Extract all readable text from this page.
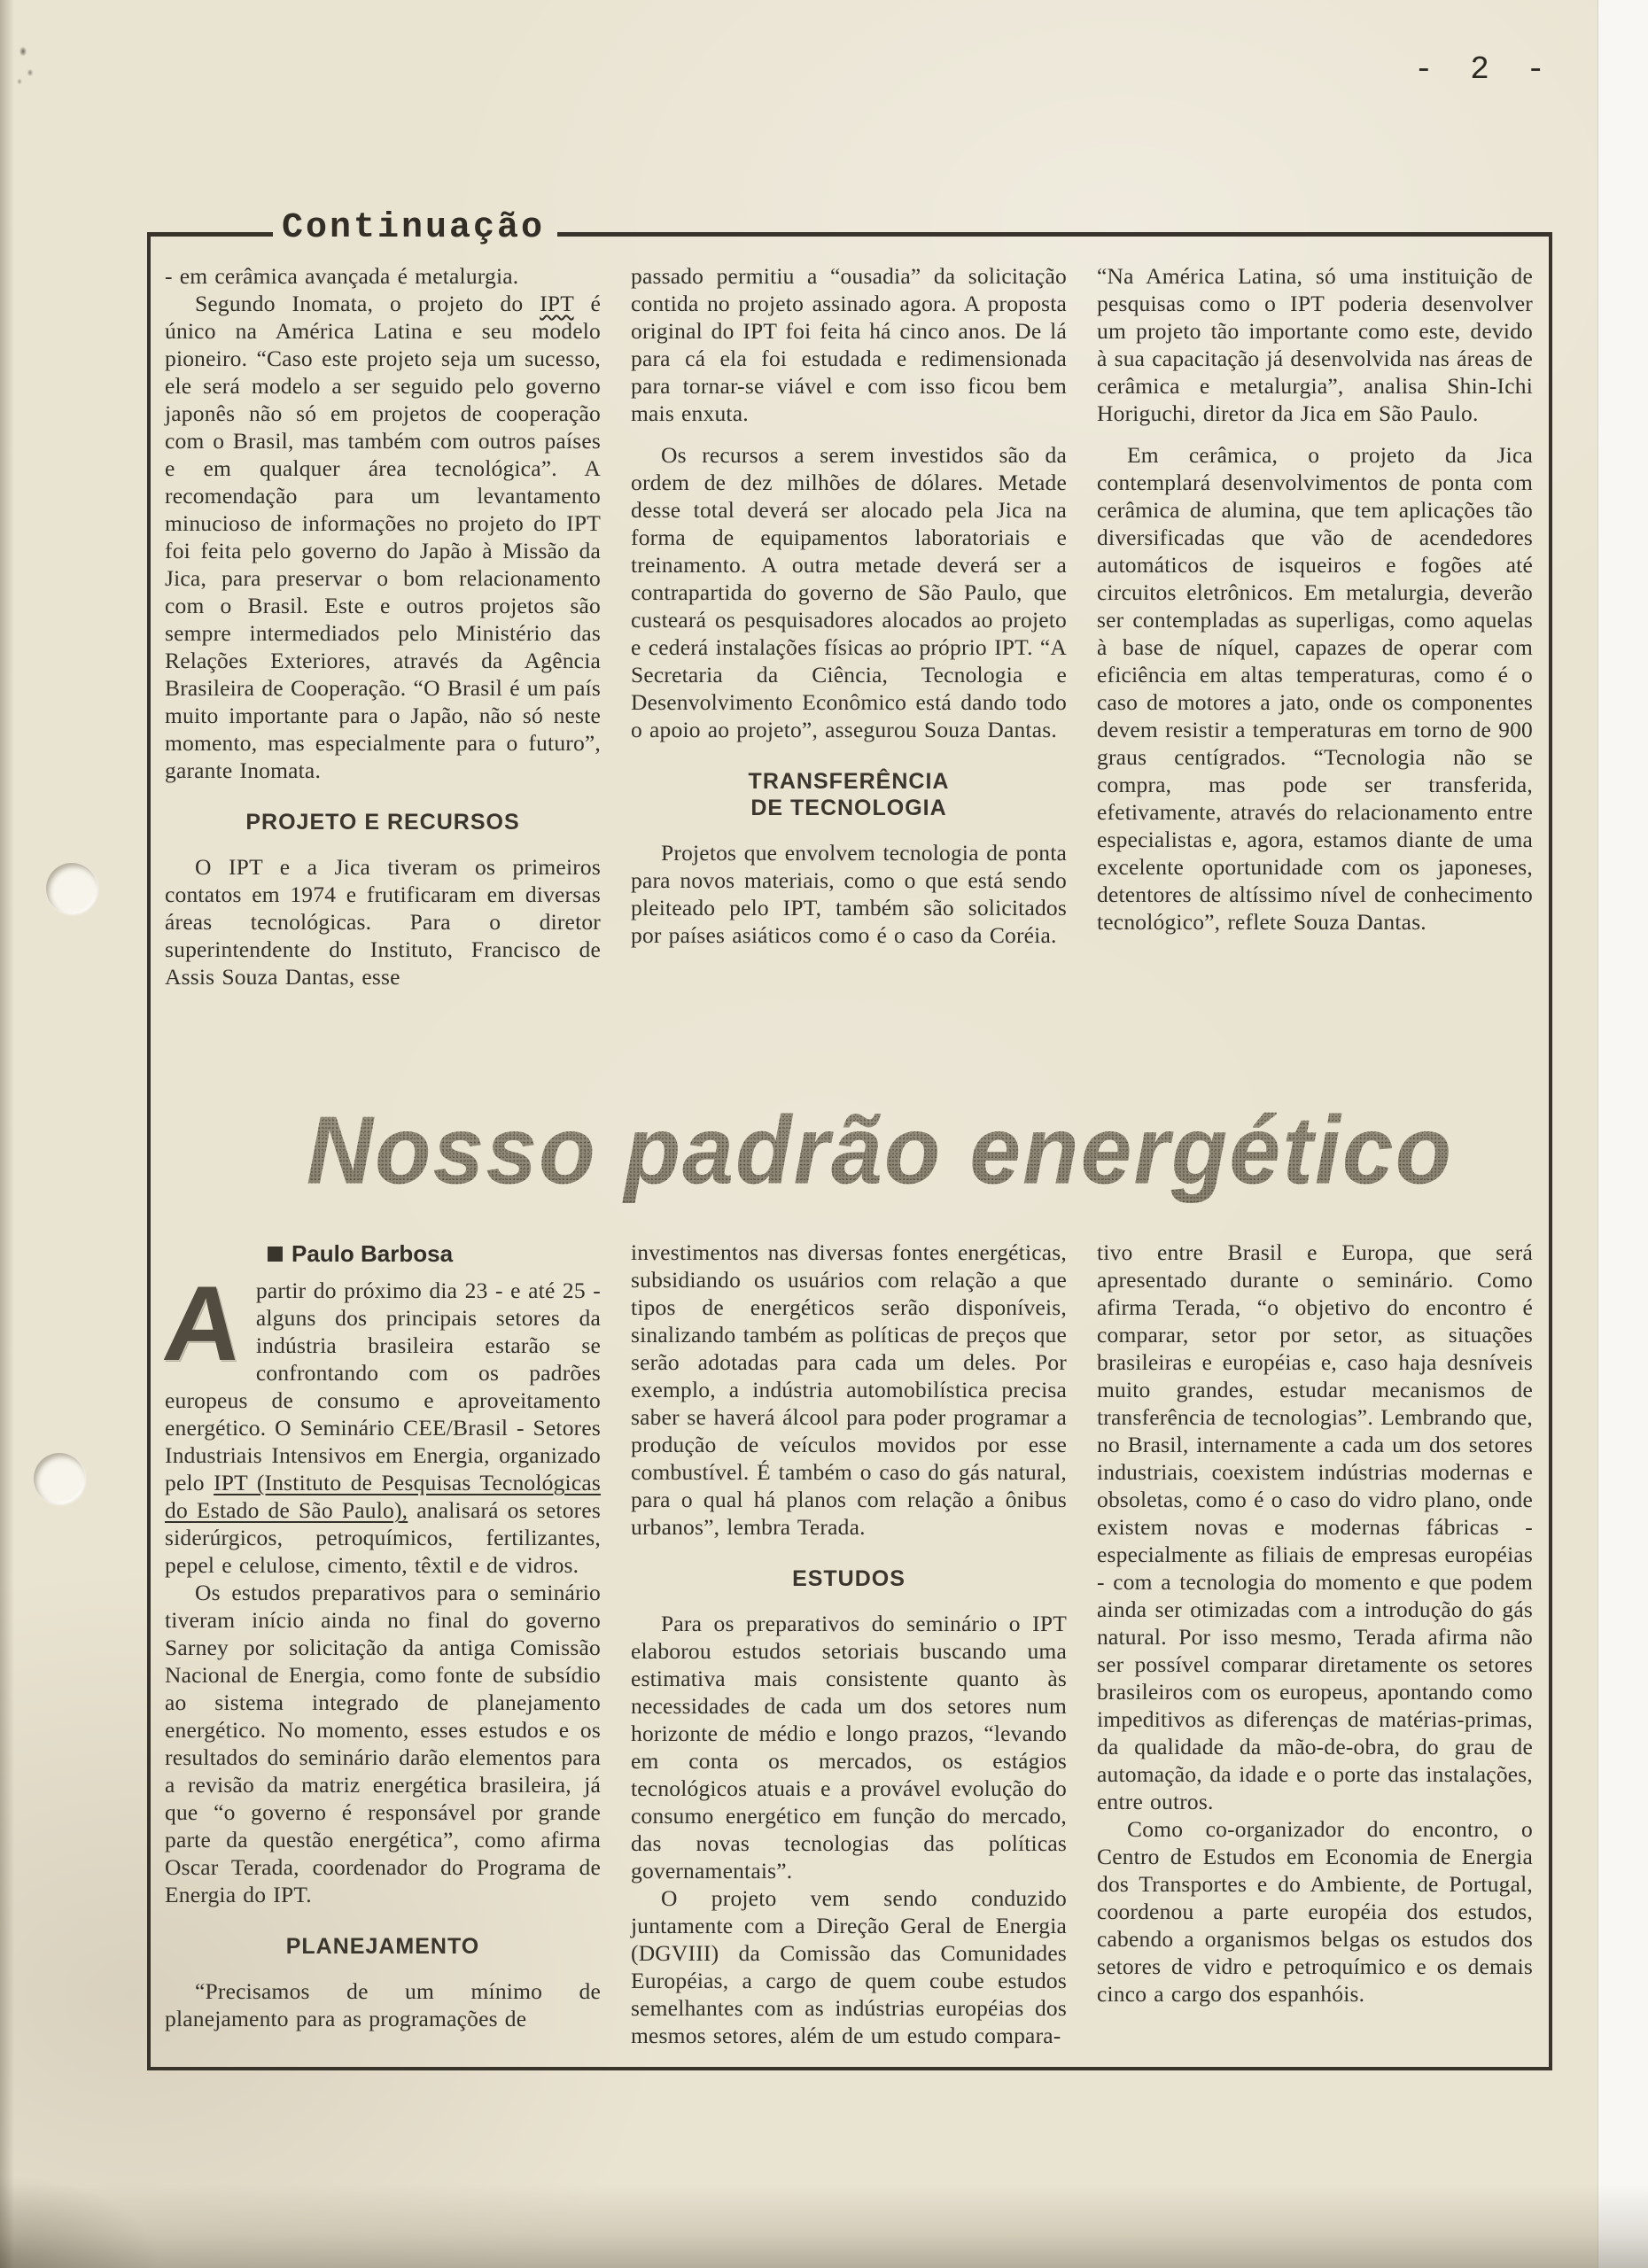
- 2 -
Continuação

- em cerâmica avançada é metalurgia.

Segundo Inomata, o projeto do IPT é único na América Latina e seu modelo pioneiro. “Caso este projeto seja um sucesso, ele será modelo a ser seguido pelo governo japonês não só em projetos de cooperação com o Brasil, mas também com outros países e em qualquer área tecnológica”. A recomendação para um levantamento minucioso de informações no projeto do IPT foi feita pelo governo do Japão à Missão da Jica, para preservar o bom relacionamento com o Brasil. Este e outros projetos são sempre intermediados pelo Ministério das Relações Exteriores, através da Agência Brasileira de Cooperação. “O Brasil é um país muito importante para o Japão, não só neste momento, mas especialmente para o futuro”, garante Inomata.

PROJETO E RECURSOS

O IPT e a Jica tiveram os primeiros contatos em 1974 e frutificaram em diversas áreas tecnológicas. Para o diretor superintendente do Instituto, Francisco de Assis Souza Dantas, esse

passado permitiu a “ousadia” da solicitação contida no projeto assinado agora. A proposta original do IPT foi feita há cinco anos. De lá para cá ela foi estudada e redimensionada para tornar-se viável e com isso ficou bem mais enxuta.

Os recursos a serem investidos são da ordem de dez milhões de dólares. Metade desse total deverá ser alocado pela Jica na forma de equipamentos laboratoriais e treinamento. A outra metade deverá ser a contrapartida do governo de São Paulo, que custeará os pesquisadores alocados ao projeto e cederá instalações físicas ao próprio IPT. “A Secretaria da Ciência, Tecnologia e Desenvolvimento Econômico está dando todo o apoio ao projeto”, assegurou Souza Dantas.

TRANSFERÊNCIA
DE TECNOLOGIA

Projetos que envolvem tecnologia de ponta para novos materiais, como o que está sendo pleiteado pelo IPT, também são solicitados por países asiáticos como é o caso da Coréia.

“Na América Latina, só uma instituição de pesquisas como o IPT poderia desenvolver um projeto tão importante como este, devido à sua capacitação já desenvolvida nas áreas de cerâmica e metalurgia”, analisa Shin-Ichi Horiguchi, diretor da Jica em São Paulo.

Em cerâmica, o projeto da Jica contemplará desenvolvimentos de ponta com cerâmica de alumina, que tem aplicações tão diversificadas que vão de acendedores automáticos de isqueiros e fogões até circuitos eletrônicos. Em metalurgia, deverão ser contempladas as superligas, como aquelas à base de níquel, capazes de operar com eficiência em altas temperaturas, como é o caso de motores a jato, onde os componentes devem resistir a temperaturas em torno de 900 graus centígrados. “Tecnologia não se compra, mas pode ser transferida, efetivamente, através do relacionamento entre especialistas e, agora, estamos diante de uma excelente oportunidade com os japoneses, detentores de altíssimo nível de conhecimento tecnológico”, reflete Souza Dantas.

Nosso padrão energético
Paulo Barbosa

Apartir do próximo dia 23 - e até 25 - alguns dos principais setores da indústria brasileira estarão se confrontando com os padrões europeus de consumo e aproveitamento energético. O Seminário CEE/Brasil - Setores Industriais Intensivos em Energia, organizado pelo IPT (Instituto de Pesquisas Tecnológicas do Estado de São Paulo), analisará os setores siderúrgicos, petroquímicos, fertilizantes, pepel e celulose, cimento, têxtil e de vidros.

Os estudos preparativos para o seminário tiveram início ainda no final do governo Sarney por solicitação da antiga Comissão Nacional de Energia, como fonte de subsídio ao sistema integrado de planejamento energético. No momento, esses estudos e os resultados do seminário darão elementos para a revisão da matriz energética brasileira, já que “o governo é responsável por grande parte da questão energética”, como afirma Oscar Terada, coordenador do Programa de Energia do IPT.

PLANEJAMENTO

“Precisamos de um mínimo de planejamento para as programações de

investimentos nas diversas fontes energéticas, subsidiando os usuários com relação a que tipos de energéticos serão disponíveis, sinalizando também as políticas de preços que serão adotadas para cada um deles. Por exemplo, a indústria automobilística precisa saber se haverá álcool para poder programar a produção de veículos movidos por esse combustível. É também o caso do gás natural, para o qual há planos com relação a ônibus urbanos”, lembra Terada.

ESTUDOS

Para os preparativos do seminário o IPT elaborou estudos setoriais buscando uma estimativa mais consistente quanto às necessidades de cada um dos setores num horizonte de médio e longo prazos, “levando em conta os mercados, os estágios tecnológicos atuais e a provável evolução do consumo energético em função do mercado, das novas tecnologias das políticas governamentais”.

O projeto vem sendo conduzido juntamente com a Direção Geral de Energia (DGVIII) da Comissão das Comunidades Européias, a cargo de quem coube estudos semelhantes com as indústrias européias dos mesmos setores, além de um estudo compara-

tivo entre Brasil e Europa, que será apresentado durante o seminário. Como afirma Terada, “o objetivo do encontro é comparar, setor por setor, as situações brasileiras e européias e, caso haja desníveis muito grandes, estudar mecanismos de transferência de tecnologias”. Lembrando que, no Brasil, internamente a cada um dos setores industriais, coexistem indústrias modernas e obsoletas, como é o caso do vidro plano, onde existem novas e modernas fábricas - especialmente as filiais de empresas européias - com a tecnologia do momento e que podem ainda ser otimizadas com a introdução do gás natural. Por isso mesmo, Terada afirma não ser possível comparar diretamente os setores brasileiros com os europeus, apontando como impeditivos as diferenças de matérias-primas, da qualidade da mão-de-obra, do grau de automação, da idade e o porte das instalações, entre outros.

Como co-organizador do encontro, o Centro de Estudos em Economia de Energia dos Transportes e do Ambiente, de Portugal, coordenou a parte européia dos estudos, cabendo a organismos belgas os estudos dos setores de vidro e petroquímico e os demais cinco a cargo dos espanhóis.
